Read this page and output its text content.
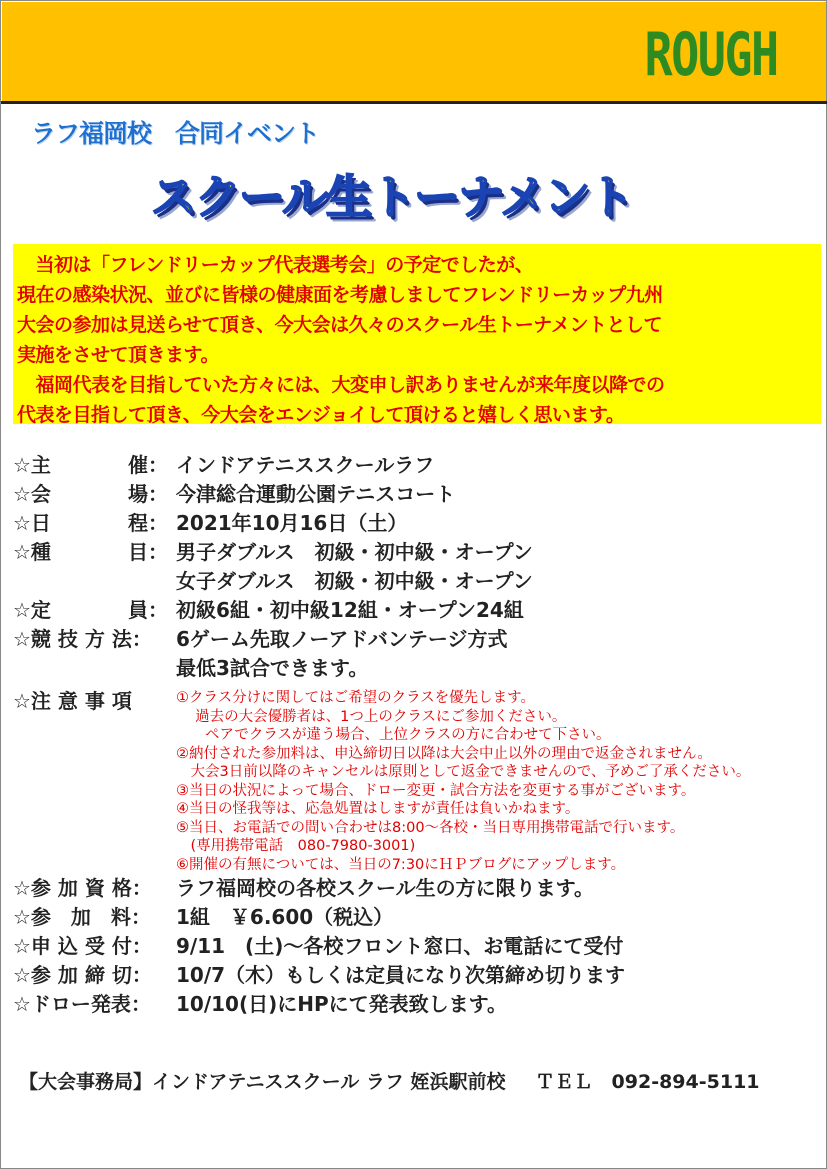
ROUGH
ラフ福岡校　合同イベント
スクール生トーナメント

　当初は「フレンドリーカップ代表選考会」の予定でしたが、

現在の感染状況、並びに皆様の健康面を考慮しましてフレンドリーカップ九州

大会の参加は見送らせて頂き、今大会は久々のスクール生トーナメントとして

実施をさせて頂きます。

　福岡代表を目指していた方々には、大変申し訳ありませんが来年度以降での

代表を目指して頂き、今大会をエンジョイして頂けると嬉しく思います。

☆主	催 ： インドアテニススクールラフ
☆会	場 ： 今津総合運動公園テニスコート
☆日	程 ： 2021年10月16日（土）
☆種	目 ： 男子ダブルス　初級・初中級・オープン
女子ダブルス　初級・初中級・オープン
☆定	員 ： 初級6組・初中級12組・オープン24組
☆競 技 方 法：	6ゲーム先取ノーアドバンテージ方式
最低3試合できます。
☆注 意 事 項	①クラス分けに関してはご希望のクラスを優先します。
　 過去の大会優勝者は、1つ上のクラスにご参加ください。
　　ペアでクラスが違う場合、上位クラスの方に合わせて下さい。
②納付された参加料は、申込締切日以降は大会中止以外の理由で返金されません。
　大会3日前以降のキャンセルは原則として返金できませんので、予めご了承ください。
③当日の状況によって場合、ドロー変更・試合方法を変更する事がございます。
④当日の怪我等は、応急処置はしますが責任は負いかねます。
⑤当日、お電話での問い合わせは8:00～各校・当日専用携帯電話で行います。
　(専用携帯電話　080-7980-3001)
⑥開催の有無については、当日の7:30にＨＰブログにアップします。
☆参 加 資 格：	ラフ福岡校の各校スクール生の方に限ります。
☆参　加　料：	1組　￥6.600（税込）
☆申 込 受 付：	9/11　(土)～各校フロント窓口、お電話にて受付
☆参 加 締 切：	10/7（木）もしくは定員になり次第締め切ります
☆ドロー発表：	10/10(日)にHPにて発表致します。
【大会事務局】インドアテニススクール ラフ 姪浜駅前校 ＴＥＬ　092-894-5111
